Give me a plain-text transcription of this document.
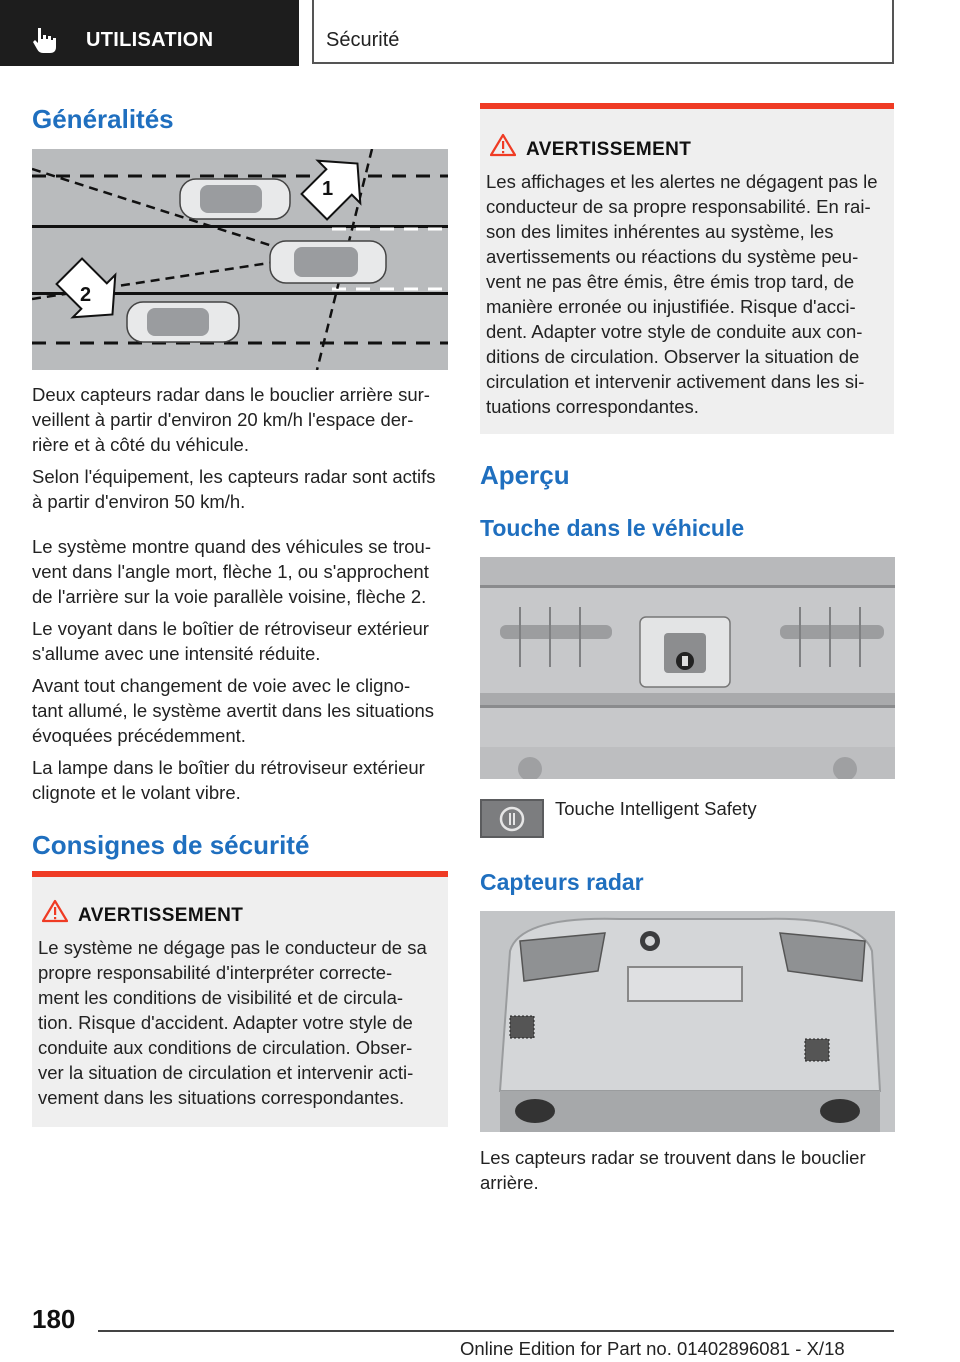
UTILISATION	Sécurité
Généralités
1
2

Deux capteurs radar dans le bouclier arrière sur-
veillent à partir d'environ 20 km/h l'espace der-
rière et à côté du véhicule.

Selon l'équipement, les capteurs radar sont actifs
à partir d'environ 50 km/h.

Le système montre quand des véhicules se trou-
vent dans l'angle mort, flèche 1, ou s'approchent
de l'arrière sur la voie parallèle voisine, flèche 2.

Le voyant dans le boîtier de rétroviseur extérieur
s'allume avec une intensité réduite.

Avant tout changement de voie avec le cligno-
tant allumé, le système avertit dans les situations
évoquées précédemment.

La lampe dans le boîtier du rétroviseur extérieur
clignote et le volant vibre.

Consignes de sécurité
AVERTISSEMENT

Le système ne dégage pas le conducteur de sa
propre responsabilité d'interpréter correcte-
ment les conditions de visibilité et de circula-
tion. Risque d'accident. Adapter votre style de
conduite aux conditions de circulation. Obser-
ver la situation de circulation et intervenir acti-
vement dans les situations correspondantes.

AVERTISSEMENT

Les affichages et les alertes ne dégagent pas le
conducteur de sa propre responsabilité. En rai-
son des limites inhérentes au système, les
avertissements ou réactions du système peu-
vent ne pas être émis, être émis trop tard, de
manière erronée ou injustifiée. Risque d'acci-
dent. Adapter votre style de conduite aux con-
ditions de circulation. Observer la situation de
circulation et intervenir activement dans les si-
tuations correspondantes.

Aperçu
Touche dans le véhicule
Touche Intelligent Safety
Capteurs radar

Les capteurs radar se trouvent dans le bouclier
arrière.

180
Online Edition for Part no. 01402896081 - X/18
